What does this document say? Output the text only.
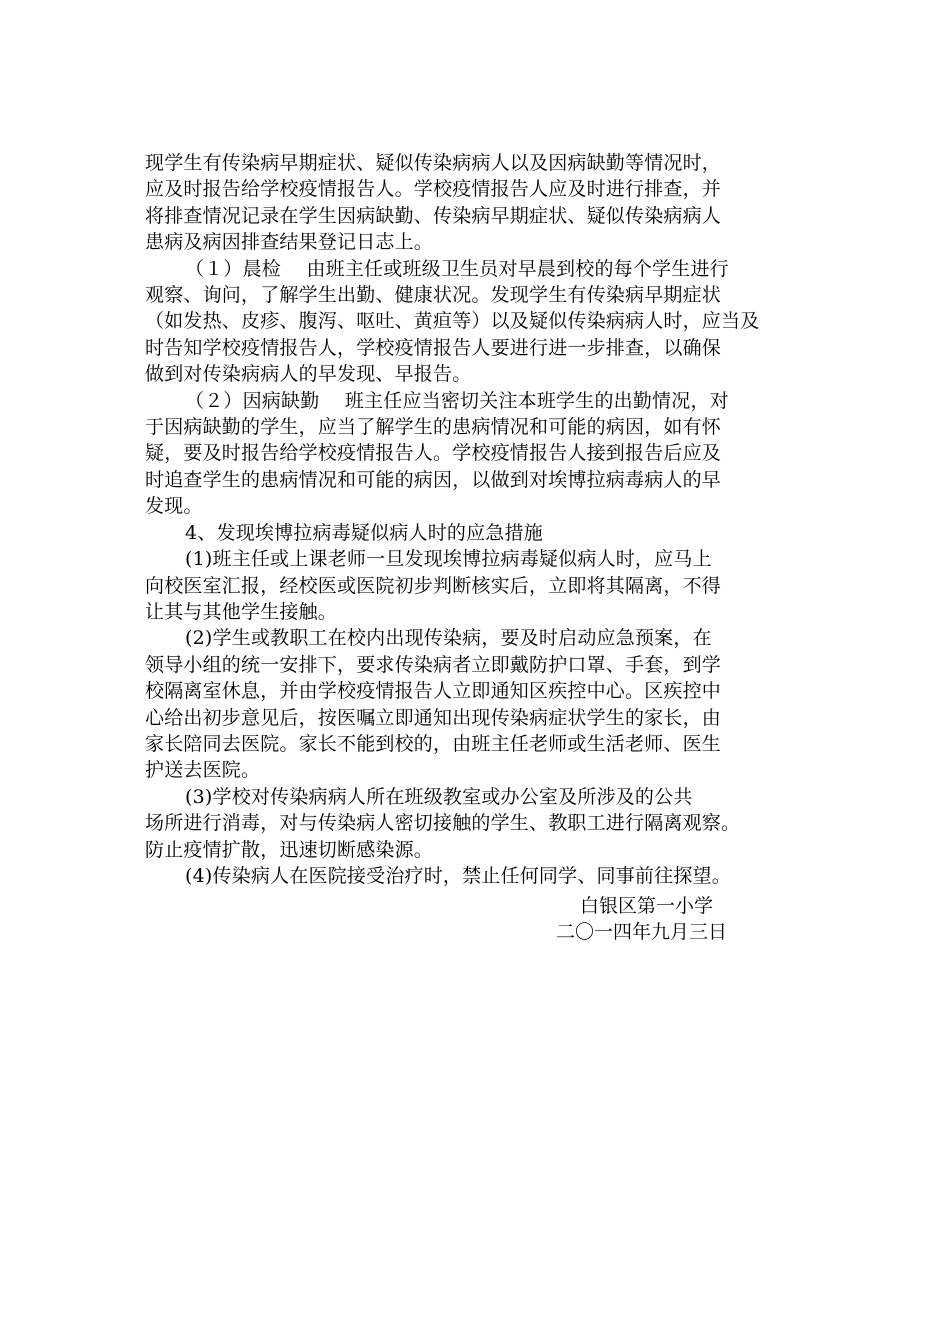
现学生有传染病早期症状、疑似传染病病人以及因病缺勤等情况时，
应及时报告给学校疫情报告人。学校疫情报告人应及时进行排查，并
将排查情况记录在学生因病缺勤、传染病早期症状、疑似传染病病人
患病及病因排查结果登记日志上。

（１）晨检　 由班主任或班级卫生员对早晨到校的每个学生进行
观察、询问，了解学生出勤、健康状况。发现学生有传染病早期症状
（如发热、皮疹、腹泻、呕吐、黄疸等）以及疑似传染病病人时，应当及
时告知学校疫情报告人，学校疫情报告人要进行进一步排查，以确保
做到对传染病病人的早发现、早报告。

（２）因病缺勤　 班主任应当密切关注本班学生的出勤情况，对
于因病缺勤的学生，应当了解学生的患病情况和可能的病因，如有怀
疑，要及时报告给学校疫情报告人。学校疫情报告人接到报告后应及
时追查学生的患病情况和可能的病因，以做到对埃博拉病毒病人的早
发现。

4、发现埃博拉病毒疑似病人时的应急措施

(1)班主任或上课老师一旦发现埃博拉病毒疑似病人时，应马上
向校医室汇报，经校医或医院初步判断核实后，立即将其隔离，不得
让其与其他学生接触。

(2)学生或教职工在校内出现传染病，要及时启动应急预案，在
领导小组的统一安排下，要求传染病者立即戴防护口罩、手套，到学
校隔离室休息，并由学校疫情报告人立即通知区疾控中心。区疾控中
心给出初步意见后，按医嘱立即通知出现传染病症状学生的家长，由
家长陪同去医院。家长不能到校的，由班主任老师或生活老师、医生
护送去医院。

(3)学校对传染病病人所在班级教室或办公室及所涉及的公共
场所进行消毒，对与传染病人密切接触的学生、教职工进行隔离观察。
防止疫情扩散，迅速切断感染源。

(4)传染病人在医院接受治疗时，禁止任何同学、同事前往探望。

白银区第一小学
二〇一四年九月三日
